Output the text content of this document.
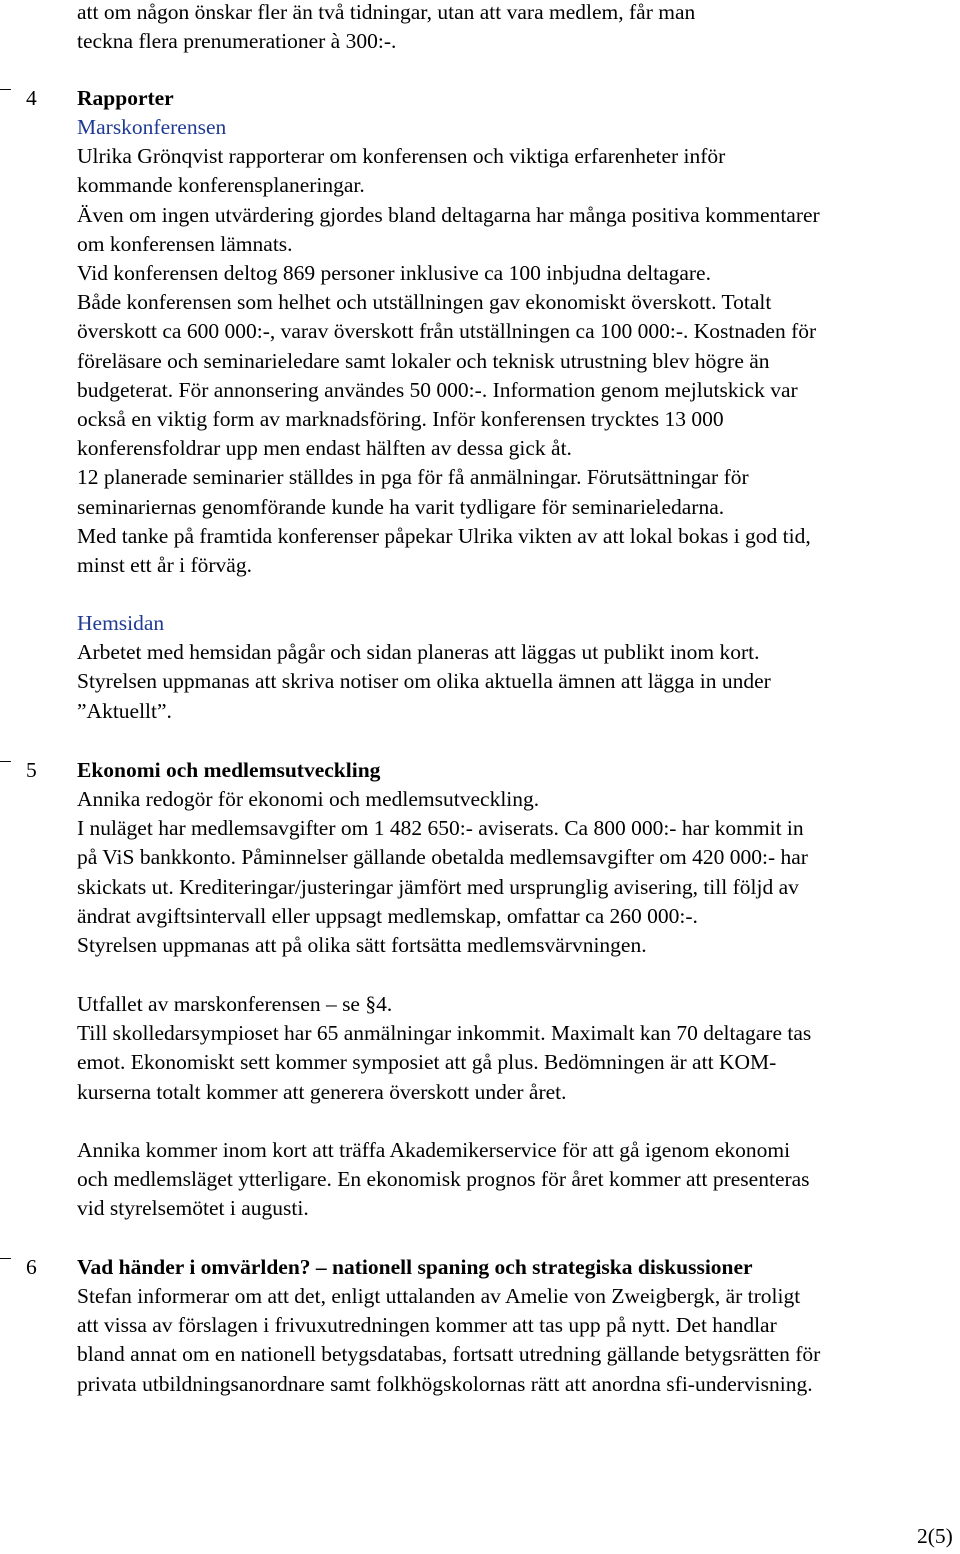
att om någon önskar fler än två tidningar, utan att vara medlem, får man

teckna flera prenumerationer à 300:-.

¯ 4	Rapporter

Marskonferensen

Ulrika Grönqvist rapporterar om konferensen och viktiga erfarenheter inför

kommande konferensplaneringar.

Även om ingen utvärdering gjordes bland deltagarna har många positiva kommentarer

om konferensen lämnats.

Vid konferensen deltog 869 personer inklusive ca 100 inbjudna deltagare.

Både konferensen som helhet och utställningen gav ekonomiskt överskott. Totalt

överskott ca 600 000:-, varav överskott från utställningen ca 100 000:-. Kostnaden för

föreläsare och seminarieledare samt lokaler och teknisk utrustning blev högre än

budgeterat. För annonsering användes 50 000:-. Information genom mejlutskick var

också en viktig form av marknadsföring. Inför konferensen trycktes 13 000

konferensfoldrar upp men endast hälften av dessa gick åt.

12 planerade seminarier ställdes in pga för få anmälningar. Förutsättningar för

seminariernas genomförande kunde ha varit tydligare för seminarieledarna.

Med tanke på framtida konferenser påpekar Ulrika vikten av att lokal bokas i god tid,

minst ett år i förväg.

Hemsidan

Arbetet med hemsidan pågår och sidan planeras att läggas ut publikt inom kort.

Styrelsen uppmanas att skriva notiser om olika aktuella ämnen att lägga in under

”Aktuellt”.

¯ 5	Ekonomi och medlemsutveckling

Annika redogör för ekonomi och medlemsutveckling.

I nuläget har medlemsavgifter om 1 482 650:- aviserats. Ca 800 000:- har kommit in

på ViS bankkonto. Påminnelser gällande obetalda medlemsavgifter om 420 000:- har

skickats ut. Krediteringar/justeringar jämfört med ursprunglig avisering, till följd av

ändrat avgiftsintervall eller uppsagt medlemskap, omfattar ca 260 000:-.

Styrelsen uppmanas att på olika sätt fortsätta medlemsvärvningen.

Utfallet av marskonferensen – se §4.

Till skolledarsympioset har 65 anmälningar inkommit. Maximalt kan 70 deltagare tas

emot. Ekonomiskt sett kommer symposiet att gå plus. Bedömningen är att KOM-

kurserna totalt kommer att generera överskott under året.

Annika kommer inom kort att träffa Akademikerservice för att gå igenom ekonomi

och medlemsläget ytterligare. En ekonomisk prognos för året kommer att presenteras

vid styrelsemötet i augusti.

¯ 6	Vad händer i omvärlden? – nationell spaning och strategiska diskussioner

Stefan informerar om att det, enligt uttalanden av Amelie von Zweigbergk, är troligt

att vissa av förslagen i frivuxutredningen kommer att tas upp på nytt. Det handlar

bland annat om en nationell betygsdatabas, fortsatt utredning gällande betygsrätten för

privata utbildningsanordnare samt folkhögskolornas rätt att anordna sfi-undervisning.

2(5)
